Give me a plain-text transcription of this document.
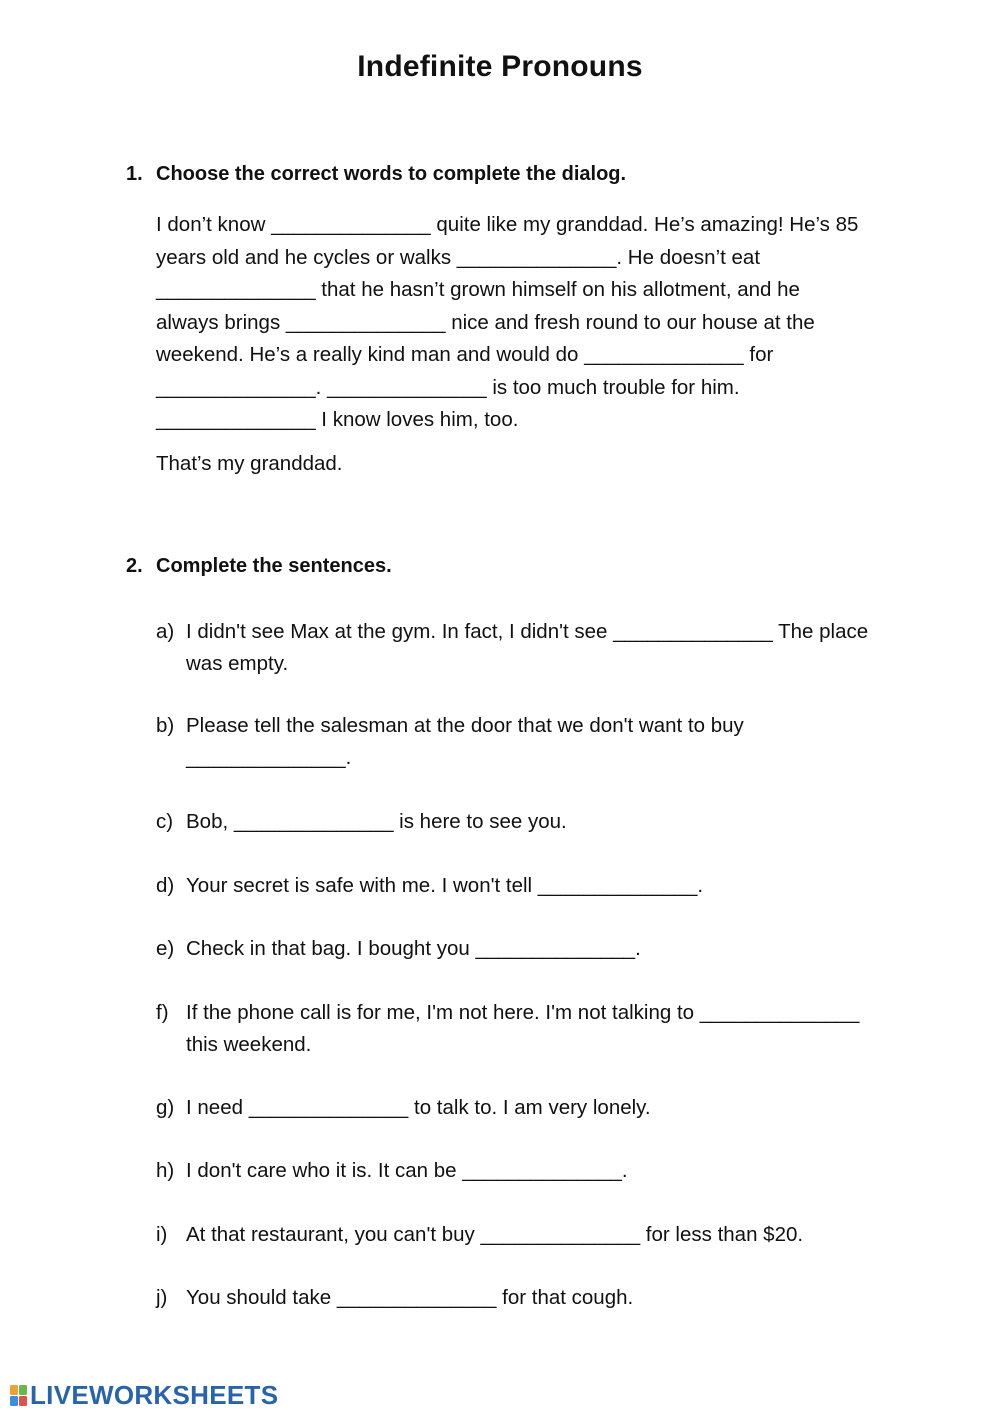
Indefinite Pronouns
1. Choose the correct words to complete the dialog.
I don’t know ______________ quite like my granddad. He’s amazing! He’s 85
years old and he cycles or walks ______________. He doesn’t eat
______________ that he hasn’t grown himself on his allotment, and he
always brings ______________ nice and fresh round to our house at the
weekend. He’s a really kind man and would do ______________ for
______________. ______________ is too much trouble for him.
______________ I know loves him, too.
That’s my granddad.
2. Complete the sentences.
a) I didn't see Max at the gym. In fact, I didn't see ______________ The place
was empty.
b) Please tell the salesman at the door that we don't want to buy
______________.
c) Bob, ______________ is here to see you.
d) Your secret is safe with me. I won't tell ______________.
e) Check in that bag. I bought you ______________.
f) If the phone call is for me, I'm not here. I'm not talking to ______________
this weekend.
g) I need ______________ to talk to. I am very lonely.
h) I don't care who it is. It can be ______________.
i) At that restaurant, you can't buy ______________ for less than $20.
j) You should take ______________ for that cough.
LIVEWORKSHEETS
